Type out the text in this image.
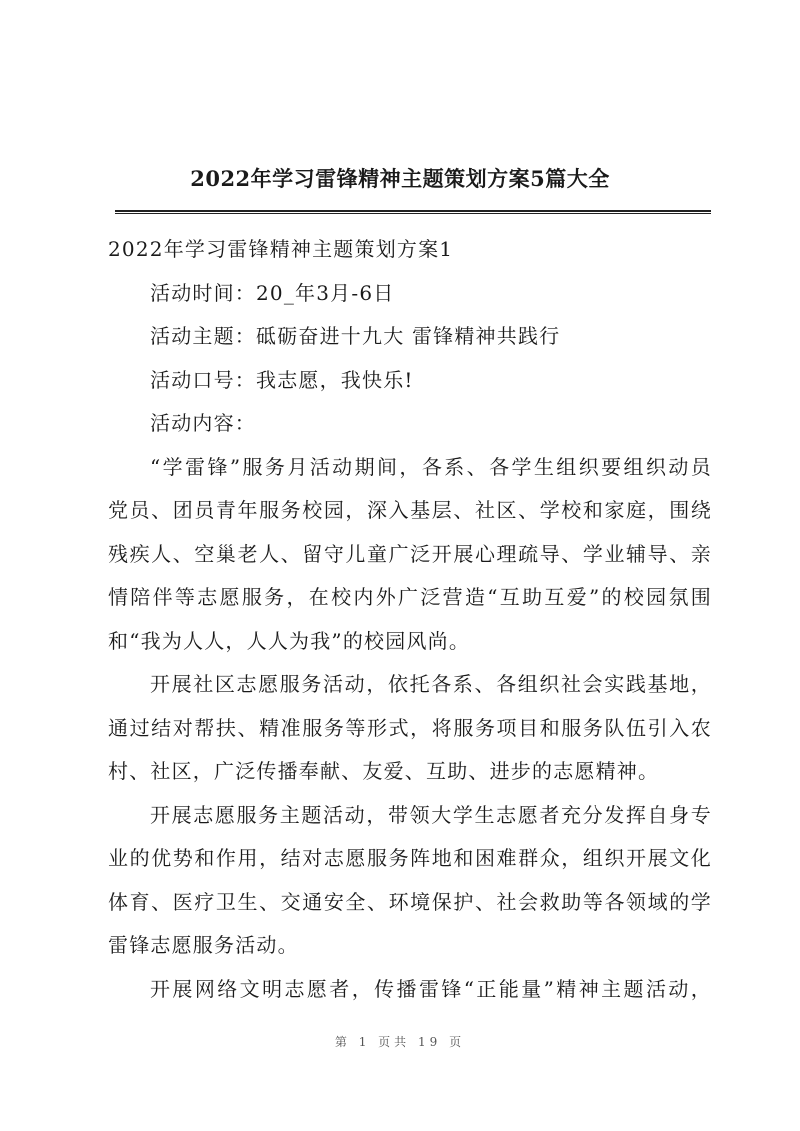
2022年学习雷锋精神主题策划方案5篇大全
2022年学习雷锋精神主题策划方案1
活动时间：20_年3月-6日
活动主题：砥砺奋进十九大 雷锋精神共践行
活动口号：我志愿，我快乐!
活动内容：
“学雷锋”服务月活动期间，各系、各学生组织要组织动员
党员、团员青年服务校园，深入基层、社区、学校和家庭，围绕
残疾人、空巢老人、留守儿童广泛开展心理疏导、学业辅导、亲
情陪伴等志愿服务，在校内外广泛营造“互助互爱”的校园氛围
和“我为人人，人人为我”的校园风尚。
开展社区志愿服务活动，依托各系、各组织社会实践基地，
通过结对帮扶、精准服务等形式，将服务项目和服务队伍引入农
村、社区，广泛传播奉献、友爱、互助、进步的志愿精神。
开展志愿服务主题活动，带领大学生志愿者充分发挥自身专
业的优势和作用，结对志愿服务阵地和困难群众，组织开展文化
体育、医疗卫生、交通安全、环境保护、社会救助等各领域的学
雷锋志愿服务活动。
开展网络文明志愿者，传播雷锋“正能量”精神主题活动，
第 1 页共 19 页
